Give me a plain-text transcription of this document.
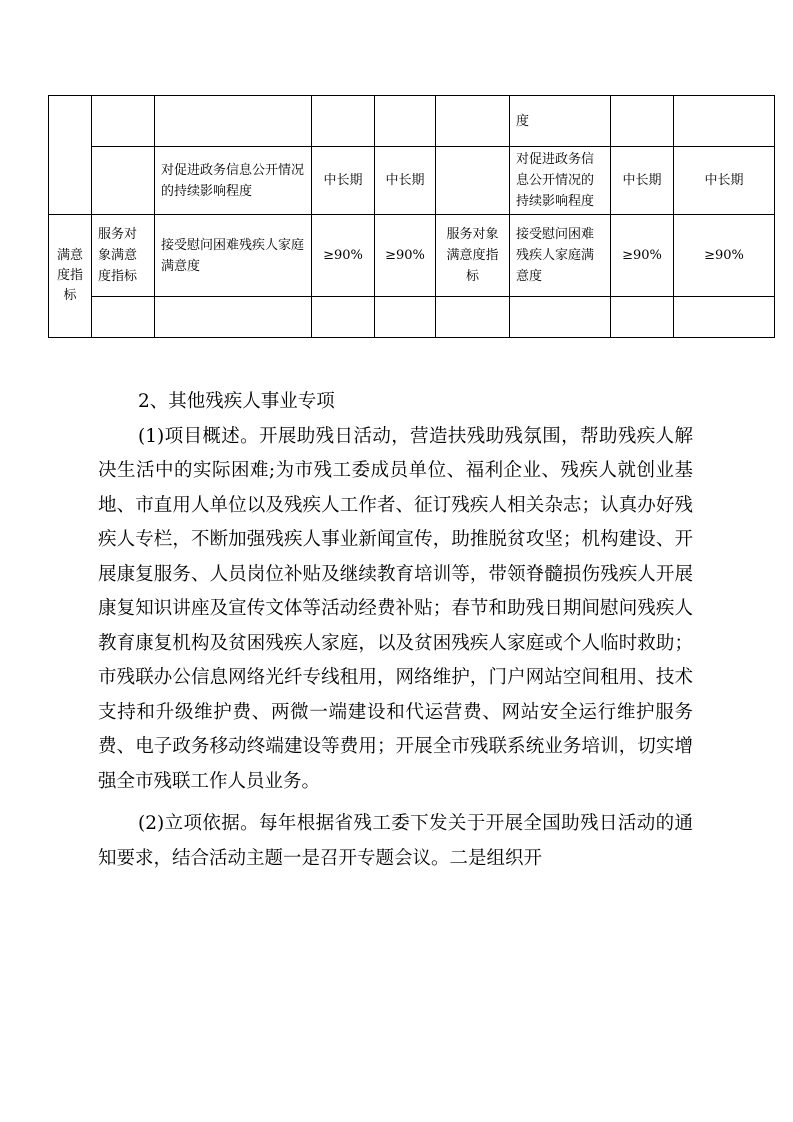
						度		
		对促进政务信息公开情况的持续影响程度	中长期	中长期		对促进政务信息公开情况的持续影响程度	中长期	中长期

满意度指标	服务对象满意度指标	接受慰问困难残疾人家庭满意度	≥90%	≥90%	服务对象满意度指标	接受慰问困难残疾人家庭满意度	≥90%	≥90%

2、其他残疾人事业专项

(1)项目概述。开展助残日活动，营造扶残助残氛围，帮助残疾人解决生活中的实际困难;为市残工委成员单位、福利企业、残疾人就创业基地、市直用人单位以及残疾人工作者、征订残疾人相关杂志；认真办好残疾人专栏，不断加强残疾人事业新闻宣传，助推脱贫攻坚；机构建设、开展康复服务、人员岗位补贴及继续教育培训等，带领脊髓损伤残疾人开展康复知识讲座及宣传文体等活动经费补贴；春节和助残日期间慰问残疾人教育康复机构及贫困残疾人家庭，以及贫困残疾人家庭或个人临时救助；市残联办公信息网络光纤专线租用，网络维护，门户网站空间租用、技术支持和升级维护费、两微一端建设和代运营费、网站安全运行维护服务费、电子政务移动终端建设等费用；开展全市残联系统业务培训，切实增强全市残联工作人员业务。

(2)立项依据。每年根据省残工委下发关于开展全国助残日活动的通知要求，结合活动主题一是召开专题会议。二是组织开
